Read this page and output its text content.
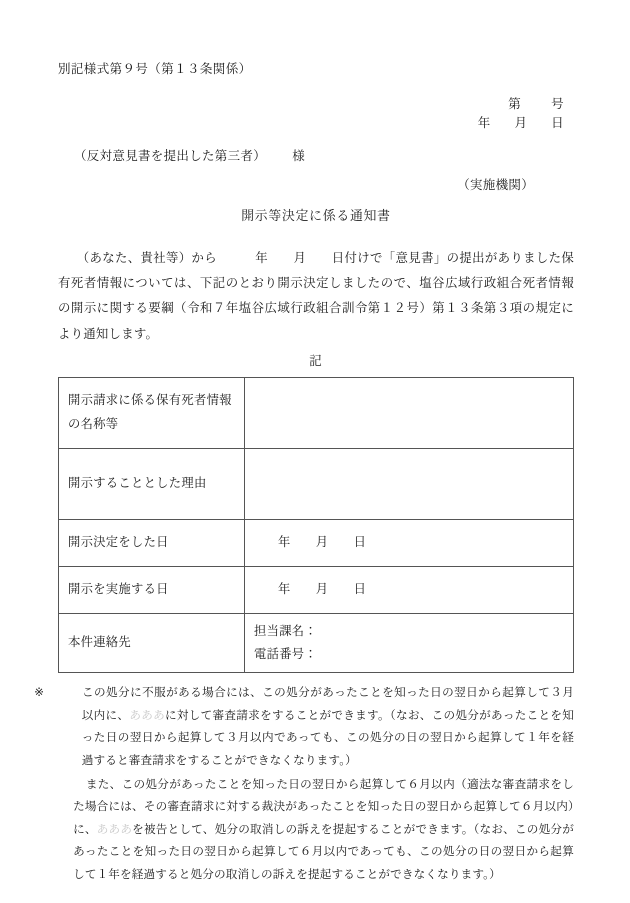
別記様式第９号（第１３条関係）
第 号
年 月 日
（反対意見書を提出した第三者） 様
（実施機関）
開示等決定に係る通知書
（あなた、貴社等）から　　　年　　月　　日付けで「意見書」の提出がありました保有死者情報については、下記のとおり開示決定しましたので、塩谷広域行政組合死者情報の開示に関する要綱（令和７年塩谷広域行政組合訓令第１２号）第１３条第３項の規定により通知します。
記
開示請求に係る保有死者情報の名称等	
開示することとした理由	
開示決定をした日	年　　月　　日
開示を実施する日	年　　月　　日
本件連絡先	担当課名：
電話番号：

※	この処分に不服がある場合には、この処分があったことを知った日の翌日から起算して３月以内に、あああに対して審査請求をすることができます。（なお、この処分があったことを知った日の翌日から起算して３月以内であっても、この処分の日の翌日から起算して１年を経過すると審査請求をすることができなくなります。）

また、この処分があったことを知った日の翌日から起算して６月以内（適法な審査請求をした場合には、その審査請求に対する裁決があったことを知った日の翌日から起算して６月以内）に、あああを被告として、処分の取消しの訴えを提起することができます。（なお、この処分があったことを知った日の翌日から起算して６月以内であっても、この処分の日の翌日から起算して１年を経過すると処分の取消しの訴えを提起することができなくなります。）
